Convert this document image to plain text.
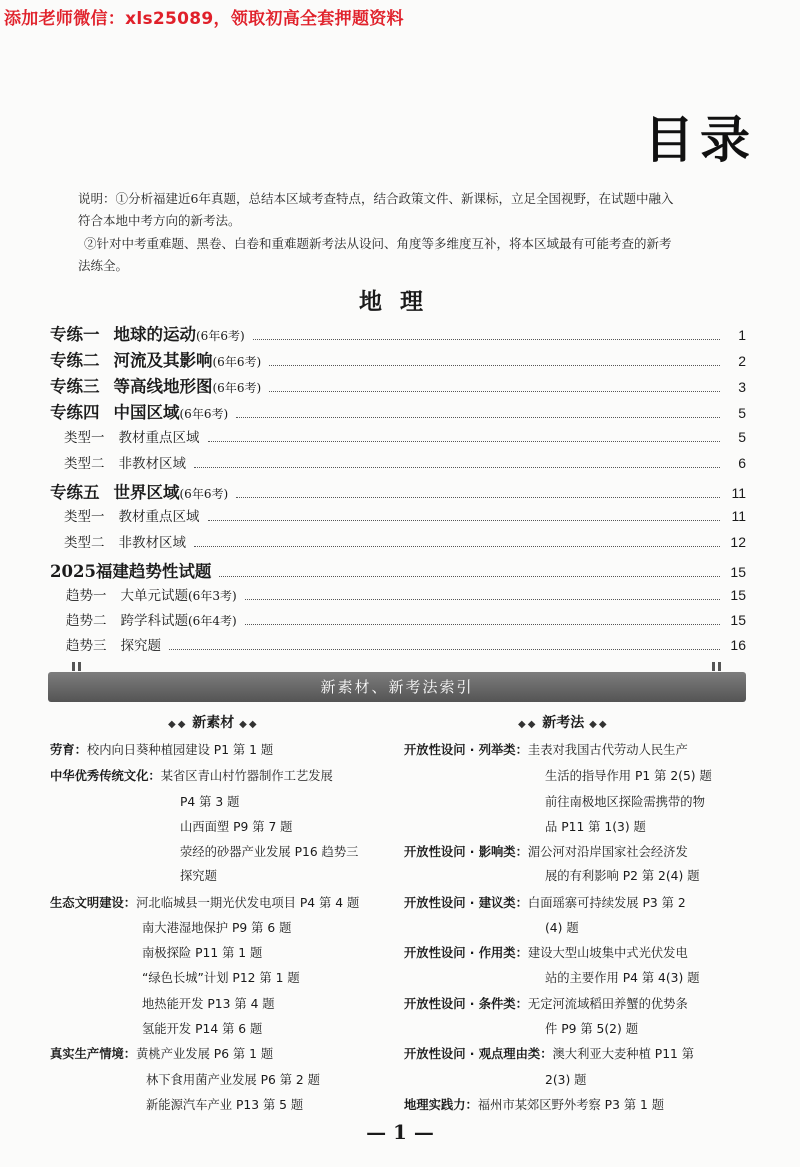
添加老师微信：xls25089，领取初高全套押题资料
目录
说明：①分析福建近6年真题，总结本区域考查特点，结合政策文件、新课标，立足全国视野，在试题中融入
符合本地中考方向的新考法。
②针对中考重难题、黑卷、白卷和重难题新考法从设问、角度等多维度互补，将本区域最有可能考查的新考
法练全。
地理
专练一 地球的运动 (6年6考)	1
专练二 河流及其影响 (6年6考)	2
专练三 等高线地形图 (6年6考)	3
专练四 中国区域 (6年6考)	5
类型一 教材重点区域	5
类型二 非教材区域	6
专练五 世界区域 (6年6考)	11
类型一 教材重点区域	11
类型二 非教材区域	12
2025福建趋势性试题	15
趋势一 大单元试题 (6年3考)	15
趋势二 跨学科试题 (6年4考)	15
趋势三 探究题	16
新素材、新考法索引
◆◆ 新素材 ◆◆	◆◆ 新考法 ◆◆
劳育：校内向日葵种植园建设 P1 第 1 题
中华优秀传统文化：某省区青山村竹器制作工艺发展
P4 第 3 题
山西面塑 P9 第 7 题
荥经的砂器产业发展 P16 趋势三
探究题
生态文明建设：河北临城县一期光伏发电项目 P4 第 4 题
南大港湿地保护 P9 第 6 题
南极探险 P11 第 1 题
“绿色长城”计划 P12 第 1 题
地热能开发 P13 第 4 题
氢能开发 P14 第 6 题
真实生产情境：黄桃产业发展 P6 第 1 题
林下食用菌产业发展 P6 第 2 题
新能源汽车产业 P13 第 5 题
开放性设问 · 列举类：圭表对我国古代劳动人民生产
生活的指导作用 P1 第 2(5) 题
前往南极地区探险需携带的物
品 P11 第 1(3) 题
开放性设问 · 影响类：湄公河对沿岸国家社会经济发
展的有利影响 P2 第 2(4) 题
开放性设问 · 建议类：白面瑶寨可持续发展 P3 第 2
(4) 题
开放性设问 · 作用类：建设大型山坡集中式光伏发电
站的主要作用 P4 第 4(3) 题
开放性设问 · 条件类：无定河流域稻田养蟹的优势条
件 P9 第 5(2) 题
开放性设问 · 观点理由类：澳大利亚大麦种植 P11 第
2(3) 题
地理实践力：福州市某郊区野外考察 P3 第 1 题
— 1 —
